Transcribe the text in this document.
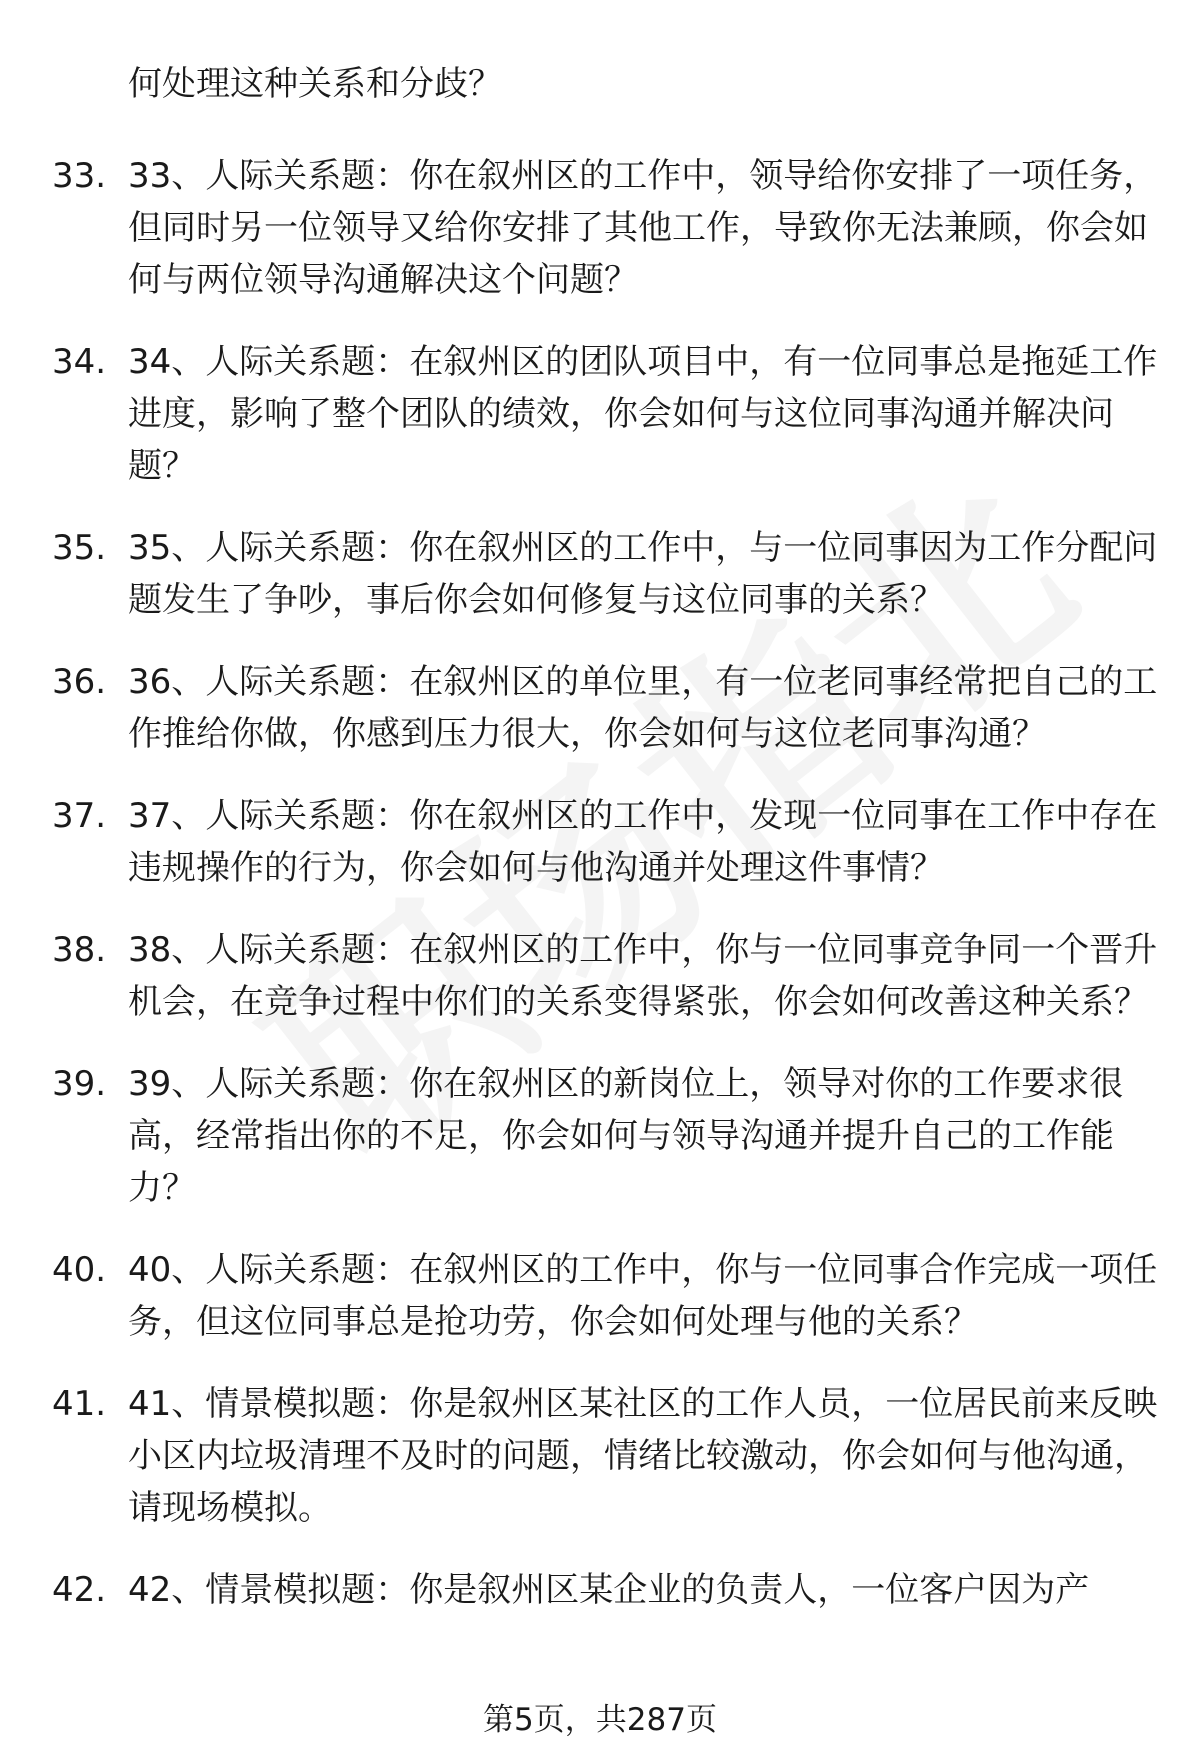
何处理这种关系和分歧？

33. 33、人际关系题：你在叙州区的工作中，领导给你安排了一项任务，但同时另一位领导又给你安排了其他工作，导致你无法兼顾，你会如何与两位领导沟通解决这个问题？
34. 34、人际关系题：在叙州区的团队项目中，有一位同事总是拖延工作进度，影响了整个团队的绩效，你会如何与这位同事沟通并解决问题？
35. 35、人际关系题：你在叙州区的工作中，与一位同事因为工作分配问题发生了争吵，事后你会如何修复与这位同事的关系？
36. 36、人际关系题：在叙州区的单位里，有一位老同事经常把自己的工作推给你做，你感到压力很大，你会如何与这位老同事沟通？
37. 37、人际关系题：你在叙州区的工作中，发现一位同事在工作中存在违规操作的行为，你会如何与他沟通并处理这件事情？
38. 38、人际关系题：在叙州区的工作中，你与一位同事竞争同一个晋升机会，在竞争过程中你们的关系变得紧张，你会如何改善这种关系？
39. 39、人际关系题：你在叙州区的新岗位上，领导对你的工作要求很高，经常指出你的不足，你会如何与领导沟通并提升自己的工作能力？
40. 40、人际关系题：在叙州区的工作中，你与一位同事合作完成一项任务，但这位同事总是抢功劳，你会如何处理与他的关系？
41. 41、情景模拟题：你是叙州区某社区的工作人员，一位居民前来反映小区内垃圾清理不及时的问题，情绪比较激动，你会如何与他沟通，请现场模拟。
42. 42、情景模拟题：你是叙州区某企业的负责人，一位客户因为产
第5页，共287页
